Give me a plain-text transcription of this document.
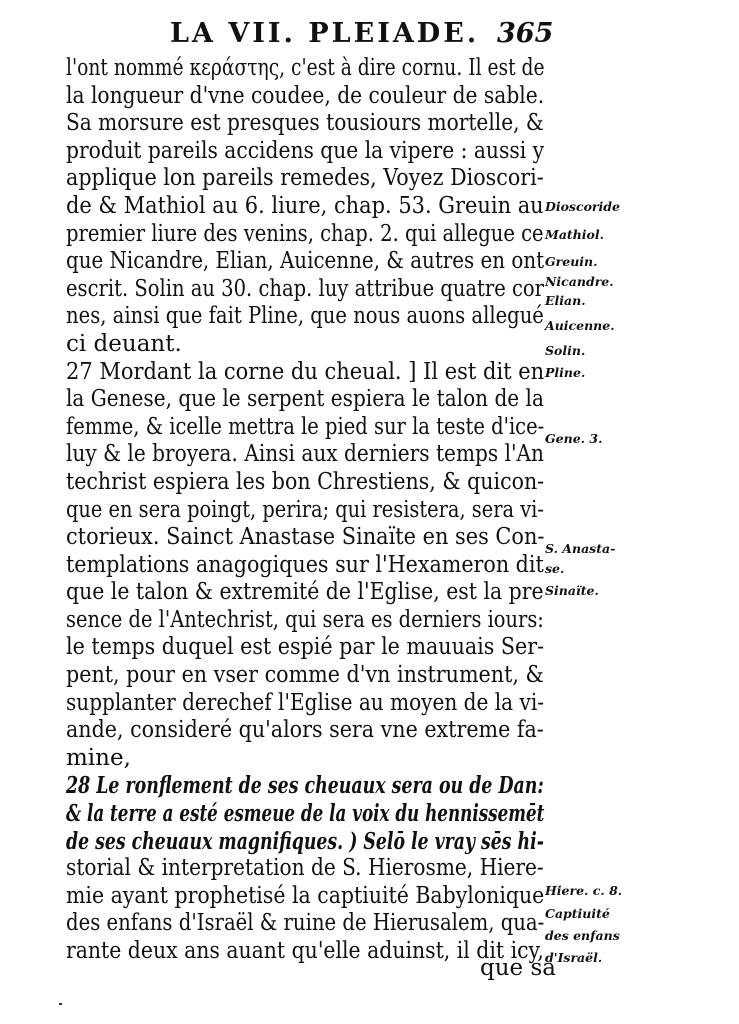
LA VII. PLEIADE. 365
l'ont nommé κεράστης, c'est à dire cornu. Il est de
la longueur d'vne coudee, de couleur de sable.
Sa morsure est presques tousiours mortelle, &
produit pareils accidens que la vipere : aussi y
applique lon pareils remedes, Voyez Dioscori-
de & Mathiol au 6. liure, chap. 53. Greuin au
premier liure des venins, chap. 2. qui allegue ce
que Nicandre, Elian, Auicenne, & autres en ont
escrit. Solin au 30. chap. luy attribue quatre cor
nes, ainsi que fait Pline, que nous auons allegué
ci deuant.
27 Mordant la corne du cheual. ] Il est dit en
la Genese, que le serpent espiera le talon de la
femme, & icelle mettra le pied sur la teste d'ice-
luy & le broyera. Ainsi aux derniers temps l'An
techrist espiera les bon Chrestiens, & quicon-
que en sera poingt, perira; qui resistera, sera vi-
ctorieux. Sainct Anastase Sinaïte en ses Con-
templations anagogiques sur l'Hexameron dit
que le talon & extremité de l'Eglise, est la pre
sence de l'Antechrist, qui sera es derniers iours:
le temps duquel est espié par le mauuais Ser-
pent, pour en vser comme d'vn instrument, &
supplanter derechef l'Eglise au moyen de la vi-
ande, consideré qu'alors sera vne extreme fa-
mine,
28 Le ronflement de ses cheuaux sera ou de Dan:
& la terre a esté esmeue de la voix du hennissemēt
de ses cheuaux magnifiques. ) Selō le vray sēs hi-
storial & interpretation de S. Hierosme, Hiere-
mie ayant prophetisé la captiuité Babylonique
des enfans d'Israël & ruine de Hierusalem, qua-
rante deux ans auant qu'elle aduinst, il dit icy,
Dioscoride
Mathiol.
Greuin.
Nicandre.
Elian.
Auicenne.
Solin.
Pline.
Gene. 3.
S. Anasta-
se.
Sinaïte.
Hiere. c. 8.
Captiuité
des enfans
d'Israël.
que sa
